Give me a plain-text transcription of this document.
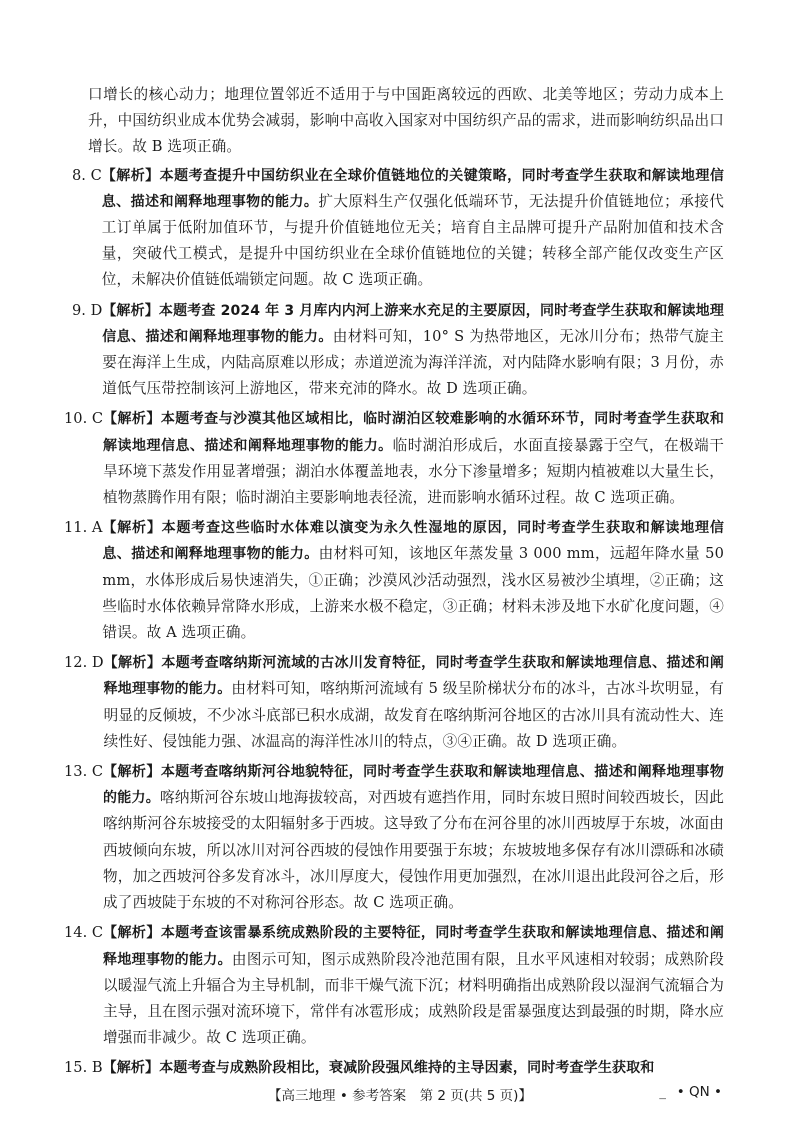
口增长的核心动力；地理位置邻近不适用于与中国距离较远的西欧、北美等地区；劳动力成本上升，中国纺织业成本优势会减弱，影响中高收入国家对中国纺织产品的需求，进而影响纺织品出口增长。故 B 选项正确。

8. C 【解析】本题考查提升中国纺织业在全球价值链地位的关键策略，同时考查学生获取和解读地理信息、描述和阐释地理事物的能力。扩大原料生产仅强化低端环节，无法提升价值链地位；承接代工订单属于低附加值环节，与提升价值链地位无关；培育自主品牌可提升产品附加值和技术含量，突破代工模式，是提升中国纺织业在全球价值链地位的关键；转移全部产能仅改变生产区位，未解决价值链低端锁定问题。故 C 选项正确。

9. D 【解析】本题考查 2024 年 3 月库内内河上游来水充足的主要原因，同时考查学生获取和解读地理信息、描述和阐释地理事物的能力。由材料可知，10° S 为热带地区，无冰川分布；热带气旋主要在海洋上生成，内陆高原难以形成；赤道逆流为海洋洋流，对内陆降水影响有限；3 月份，赤道低气压带控制该河上游地区，带来充沛的降水。故 D 选项正确。

10. C 【解析】本题考查与沙漠其他区域相比，临时湖泊区较难影响的水循环环节，同时考查学生获取和解读地理信息、描述和阐释地理事物的能力。临时湖泊形成后，水面直接暴露于空气，在极端干旱环境下蒸发作用显著增强；湖泊水体覆盖地表，水分下渗量增多；短期内植被难以大量生长，植物蒸腾作用有限；临时湖泊主要影响地表径流，进而影响水循环过程。故 C 选项正确。

11. A 【解析】本题考查这些临时水体难以演变为永久性湿地的原因，同时考查学生获取和解读地理信息、描述和阐释地理事物的能力。由材料可知，该地区年蒸发量 3 000 mm，远超年降水量 50 mm，水体形成后易快速消失，①正确；沙漠风沙活动强烈，浅水区易被沙尘填埋，②正确；这些临时水体依赖异常降水形成，上游来水极不稳定，③正确；材料未涉及地下水矿化度问题，④错误。故 A 选项正确。

12. D 【解析】本题考查喀纳斯河流域的古冰川发育特征，同时考查学生获取和解读地理信息、描述和阐释地理事物的能力。由材料可知，喀纳斯河流域有 5 级呈阶梯状分布的冰斗，古冰斗坎明显，有明显的反倾坡，不少冰斗底部已积水成湖，故发育在喀纳斯河谷地区的古冰川具有流动性大、连续性好、侵蚀能力强、冰温高的海洋性冰川的特点，③④正确。故 D 选项正确。

13. C 【解析】本题考查喀纳斯河谷地貌特征，同时考查学生获取和解读地理信息、描述和阐释地理事物的能力。喀纳斯河谷东坡山地海拔较高，对西坡有遮挡作用，同时东坡日照时间较西坡长，因此喀纳斯河谷东坡接受的太阳辐射多于西坡。这导致了分布在河谷里的冰川西坡厚于东坡，冰面由西坡倾向东坡，所以冰川对河谷西坡的侵蚀作用要强于东坡；东坡坡地多保存有冰川漂砾和冰碛物，加之西坡河谷多发育冰斗，冰川厚度大，侵蚀作用更加强烈，在冰川退出此段河谷之后，形成了西坡陡于东坡的不对称河谷形态。故 C 选项正确。

14. C 【解析】本题考查该雷暴系统成熟阶段的主要特征，同时考查学生获取和解读地理信息、描述和阐释地理事物的能力。由图示可知，图示成熟阶段冷池范围有限，且水平风速相对较弱；成熟阶段以暖湿气流上升辐合为主导机制，而非干燥气流下沉；材料明确指出成熟阶段以湿润气流辐合为主导，且在图示强对流环境下，常伴有冰雹形成；成熟阶段是雷暴强度达到最强的时期，降水应增强而非减少。故 C 选项正确。

15. B 【解析】本题考查与成熟阶段相比，衰减阶段强风维持的主导因素，同时考查学生获取和

【高三地理 • 参考答案　第 2 页(共 5 页)】	_ • QN •
